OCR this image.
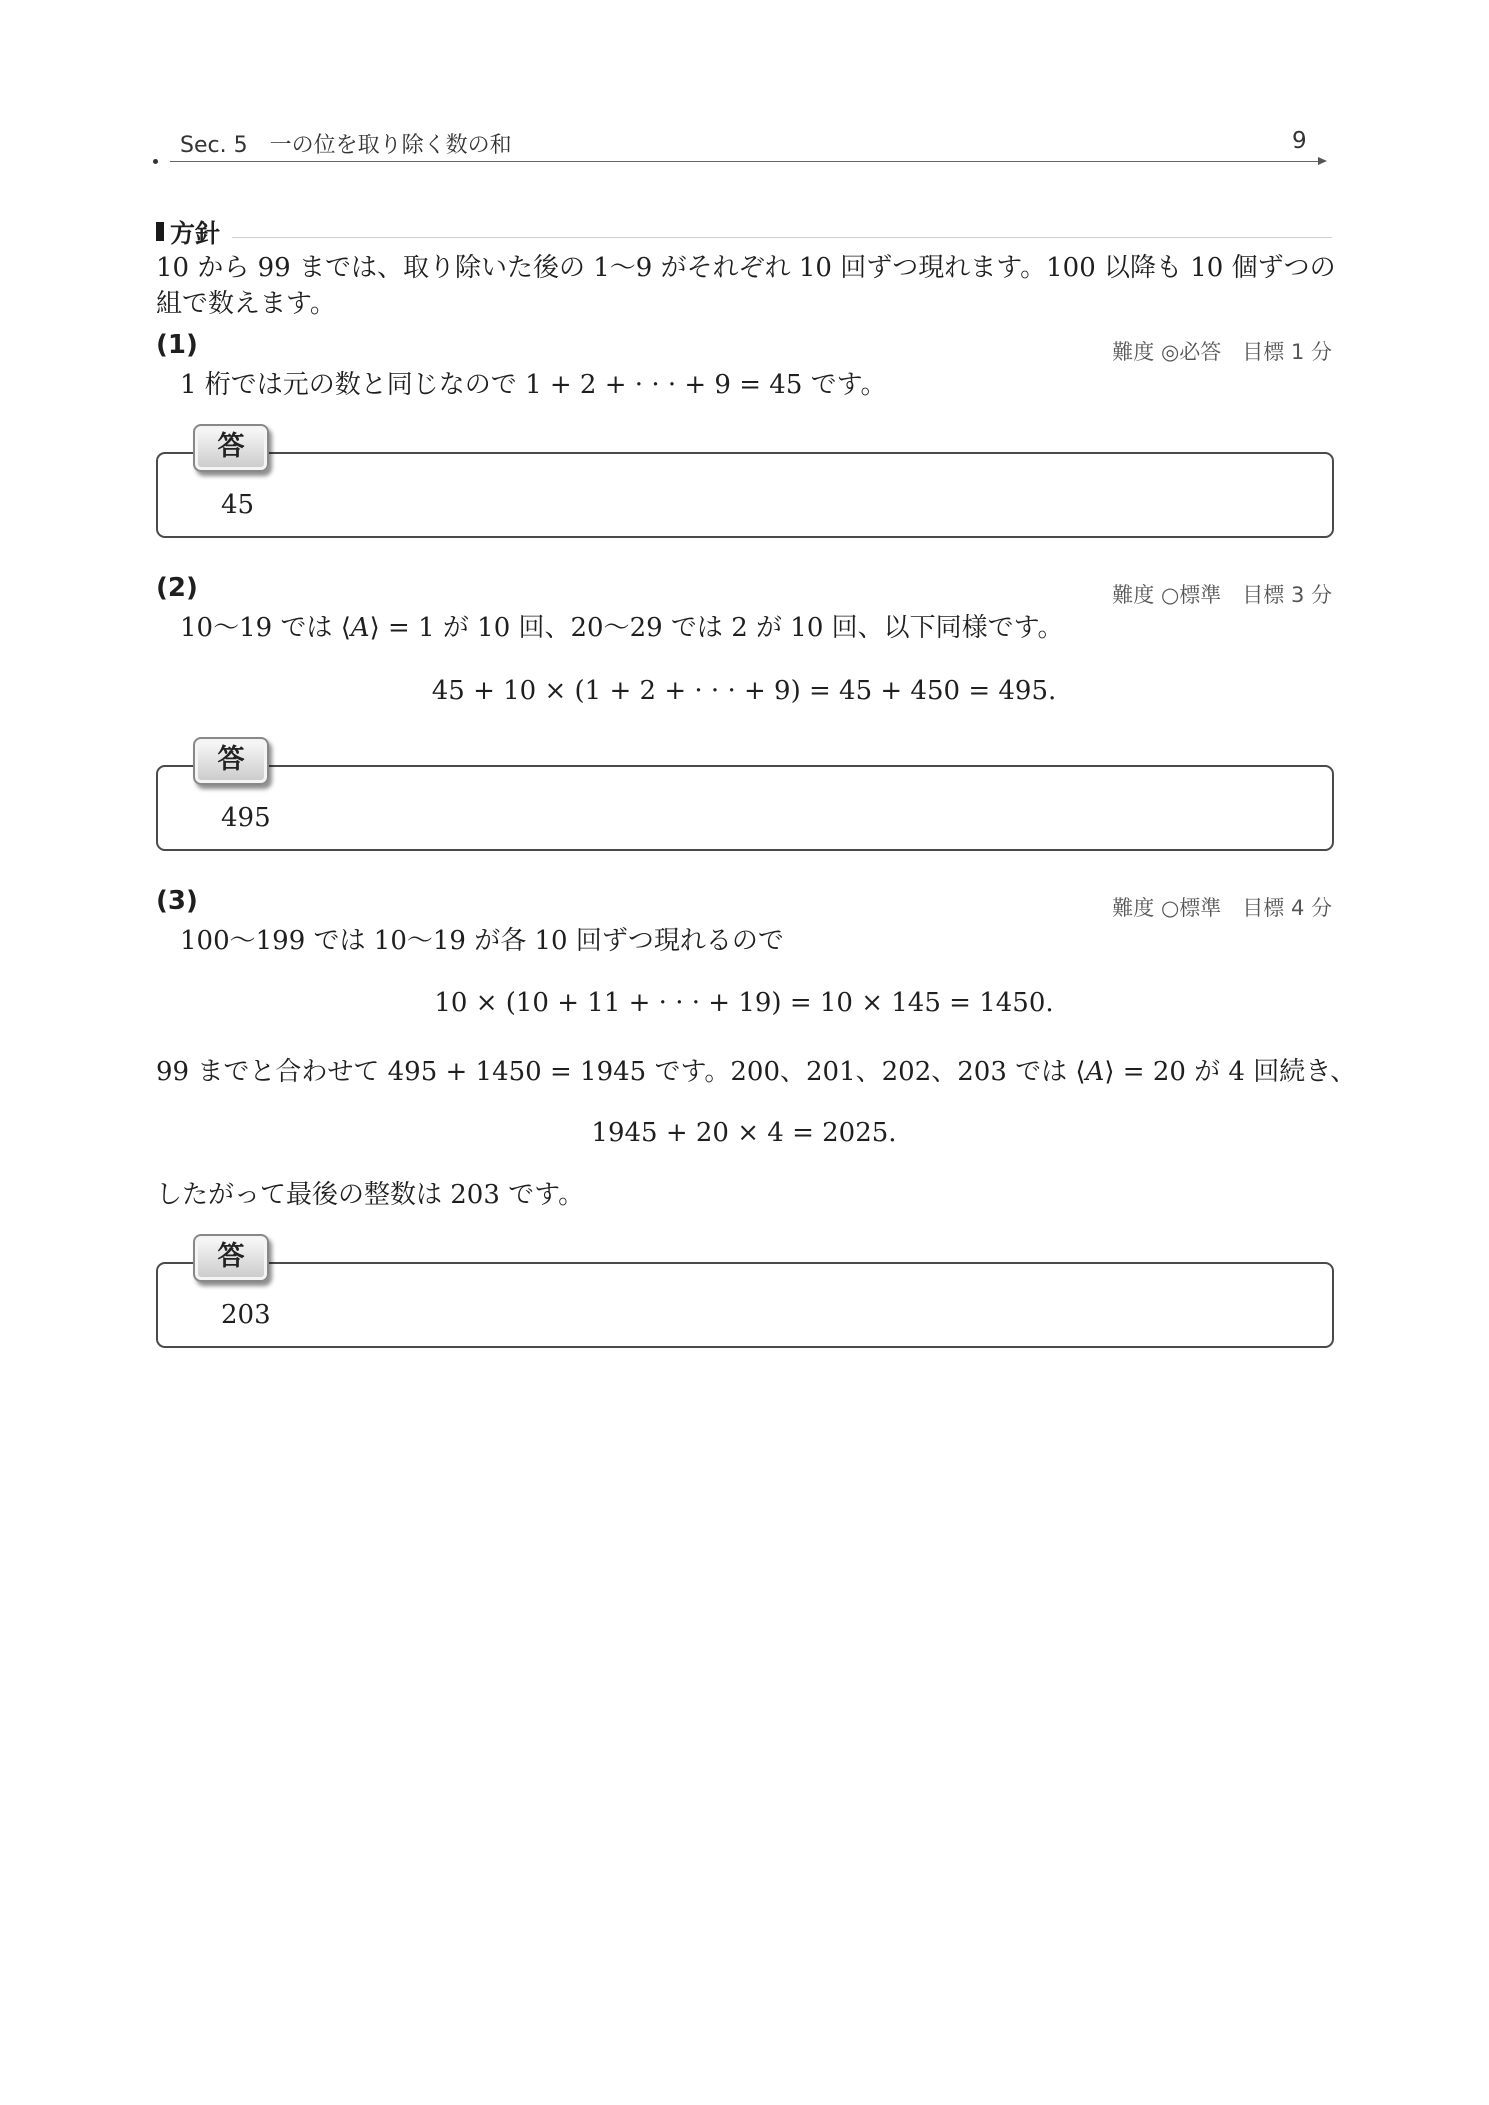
Sec. 5　一の位を取り除く数の和	9
方針
10 から 99 までは、取り除いた後の 1〜9 がそれぞれ 10 回ずつ現れます。100 以降も 10 個ずつの組で数えます。
(1)	難度 ◎必答　目標 1 分
1 桁では元の数と同じなので 1 + 2 + · · · + 9 = 45 です。
答
45
(2)	難度 ○標準　目標 3 分
10〜19 では ⟨A⟩ = 1 が 10 回、20〜29 では 2 が 10 回、以下同様です。
45 + 10 × (1 + 2 + · · · + 9) = 45 + 450 = 495.
答
495
(3)	難度 ○標準　目標 4 分
100〜199 では 10〜19 が各 10 回ずつ現れるので
10 × (10 + 11 + · · · + 19) = 10 × 145 = 1450.
99 までと合わせて 495 + 1450 = 1945 です。200、201、202、203 では ⟨A⟩ = 20 が 4 回続き、
1945 + 20 × 4 = 2025.
したがって最後の整数は 203 です。
答
203
